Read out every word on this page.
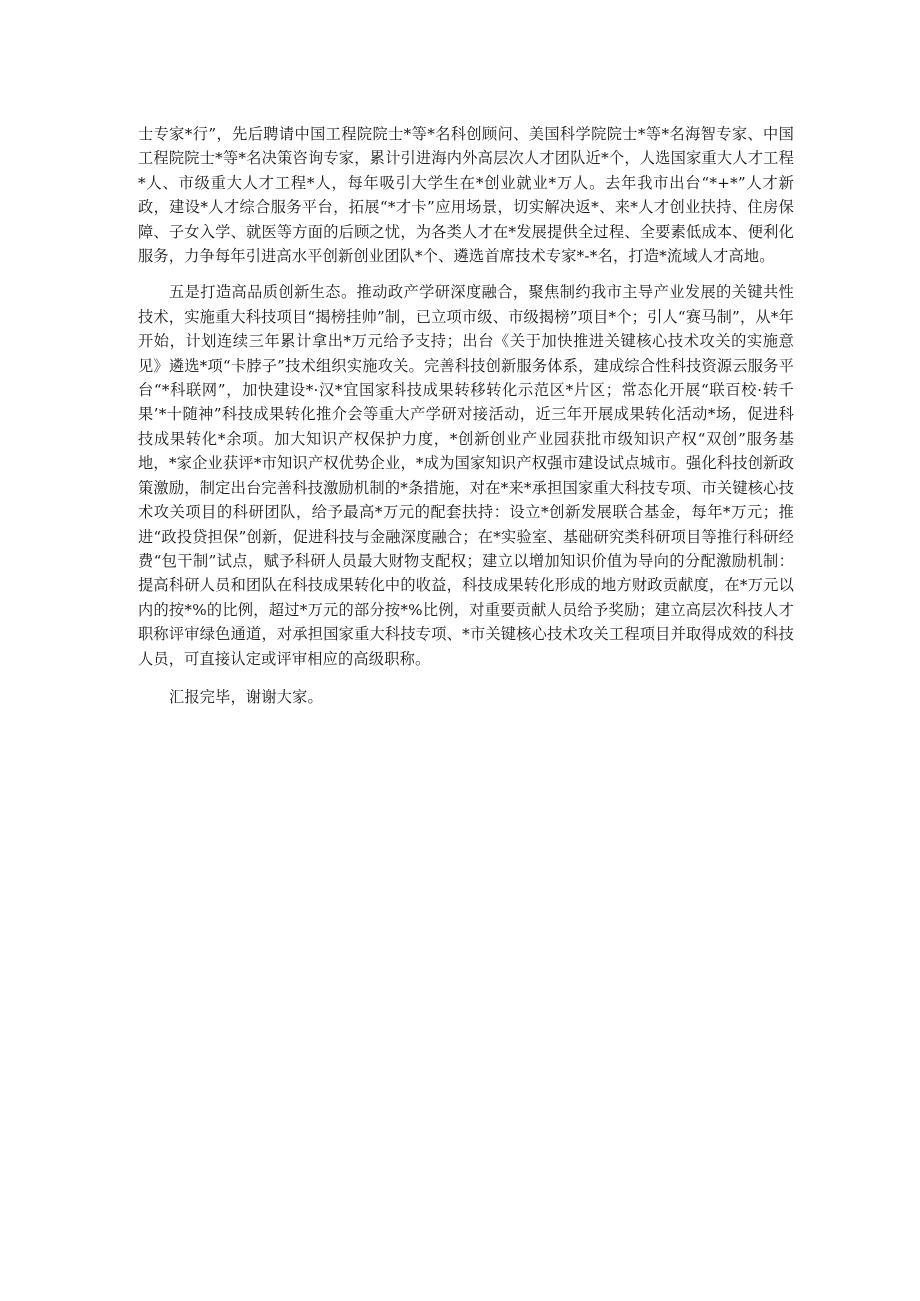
士专家*行”，先后聘请中国工程院院士*等*名科创顾问、美国科学院院士*等*名海智专家、中国工程院院士*等*名决策咨询专家，累计引进海内外高层次人才团队近*个，人选国家重大人才工程*人、市级重大人才工程*人，每年吸引大学生在*创业就业*万人。去年我市出台“*+*”人才新政，建设*人才综合服务平台，拓展“*才卡”应用场景，切实解决返*、来*人才创业扶持、住房保障、子女入学、就医等方面的后顾之忧，为各类人才在*发展提供全过程、全要素低成本、便利化服务，力争每年引进高水平创新创业团队*个、遴选首席技术专家*-*名，打造*流域人才高地。

五是打造高品质创新生态。推动政产学研深度融合，聚焦制约我市主导产业发展的关键共性技术，实施重大科技项目“揭榜挂帅”制，已立项市级、市级揭榜”项目*个；引人“赛马制”，从*年开始，计划连续三年累计拿出*万元给予支持；出台《关于加快推进关键核心技术攻关的实施意见》遴选*项“卡脖子”技术组织实施攻关。完善科技创新服务体系，建成综合性科技资源云服务平台“*科联网”，加快建设*·汉*宜国家科技成果转移转化示范区*片区；常态化开展“联百校·转千果’*十随神”科技成果转化推介会等重大产学研对接活动，近三年开展成果转化活动*场，促进科技成果转化*余项。加大知识产权保护力度，*创新创业产业园获批市级知识产权“双创”服务基地，*家企业获评*市知识产权优势企业，*成为国家知识产权强市建设试点城市。强化科技创新政策激励，制定出台完善科技激励机制的*条措施，对在*来*承担国家重大科技专项、市关键核心技术攻关项目的科研团队，给予最高*万元的配套扶持：设立*创新发展联合基金，每年*万元；推进“政投贷担保”创新，促进科技与金融深度融合；在*实验室、基础研究类科研项目等推行科研经费“包干制”试点，赋予科研人员最大财物支配权；建立以增加知识价值为导向的分配激励机制：提高科研人员和团队在科技成果转化中的收益，科技成果转化形成的地方财政贡献度，在*万元以内的按*%的比例，超过*万元的部分按*%比例，对重要贡献人员给予奖励；建立高层次科技人才职称评审绿色通道，对承担国家重大科技专项、*市关键核心技术攻关工程项目并取得成效的科技人员，可直接认定或评审相应的高级职称。

汇报完毕，谢谢大家。
